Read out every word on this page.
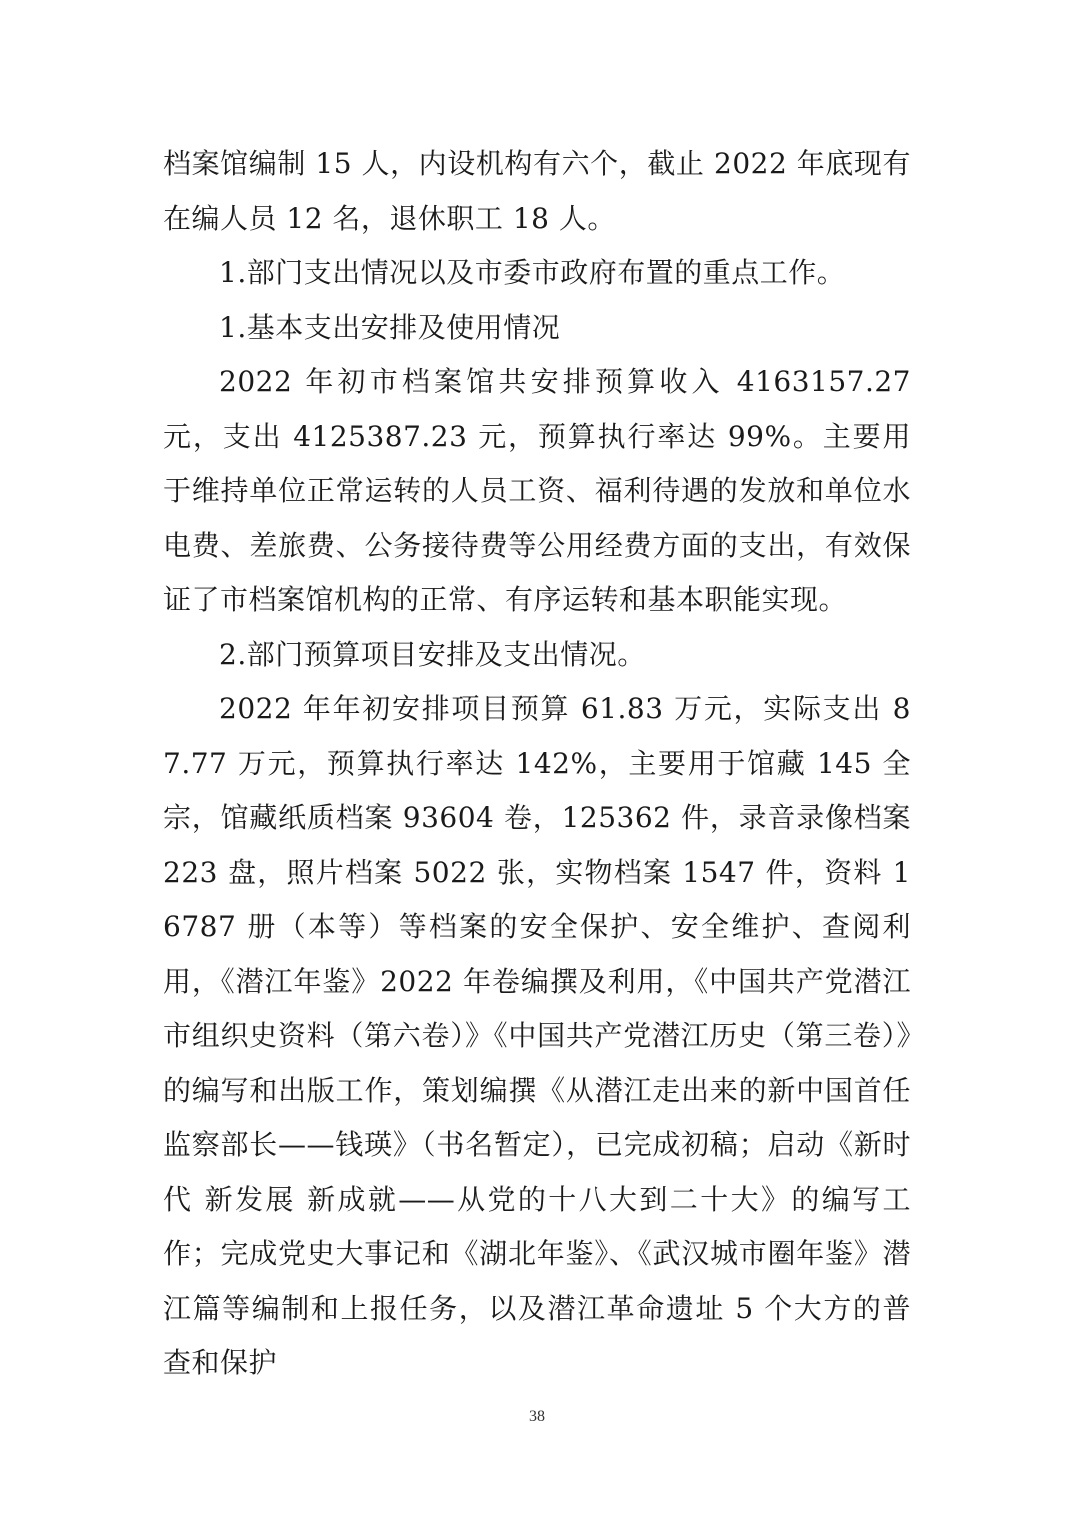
档案馆编制 15 人，内设机构有六个，截止 2022 年底现有在编人员 12 名，退休职工 18 人。

1.部门支出情况以及市委市政府布置的重点工作。

1.基本支出安排及使用情况

2022 年初市档案馆共安排预算收入 4163157.27 元，支出 4125387.23 元，预算执行率达 99%。主要用于维持单位正常运转的人员工资、福利待遇的发放和单位水电费、差旅费、公务接待费等公用经费方面的支出，有效保证了市档案馆机构的正常、有序运转和基本职能实现。

2.部门预算项目安排及支出情况。

2022 年年初安排项目预算 61.83 万元，实际支出 87.77 万元，预算执行率达 142%，主要用于馆藏 145 全宗，馆藏纸质档案 93604 卷，125362 件，录音录像档案 223 盘，照片档案 5022 张，实物档案 1547 件，资料 16787 册（本等）等档案的安全保护、安全维护、查阅利用，《潜江年鉴》2022 年卷编撰及利用，《中国共产党潜江市组织史资料（第六卷）》《中国共产党潜江历史（第三卷）》的编写和出版工作，策划编撰《从潜江走出来的新中国首任监察部长——钱瑛》（书名暂定），已完成初稿；启动《新时代 新发展 新成就——从党的十八大到二十大》的编写工作；完成党史大事记和《湖北年鉴》、《武汉城市圈年鉴》潜江篇等编制和上报任务，以及潜江革命遗址 5 个大方的普查和保护

38
